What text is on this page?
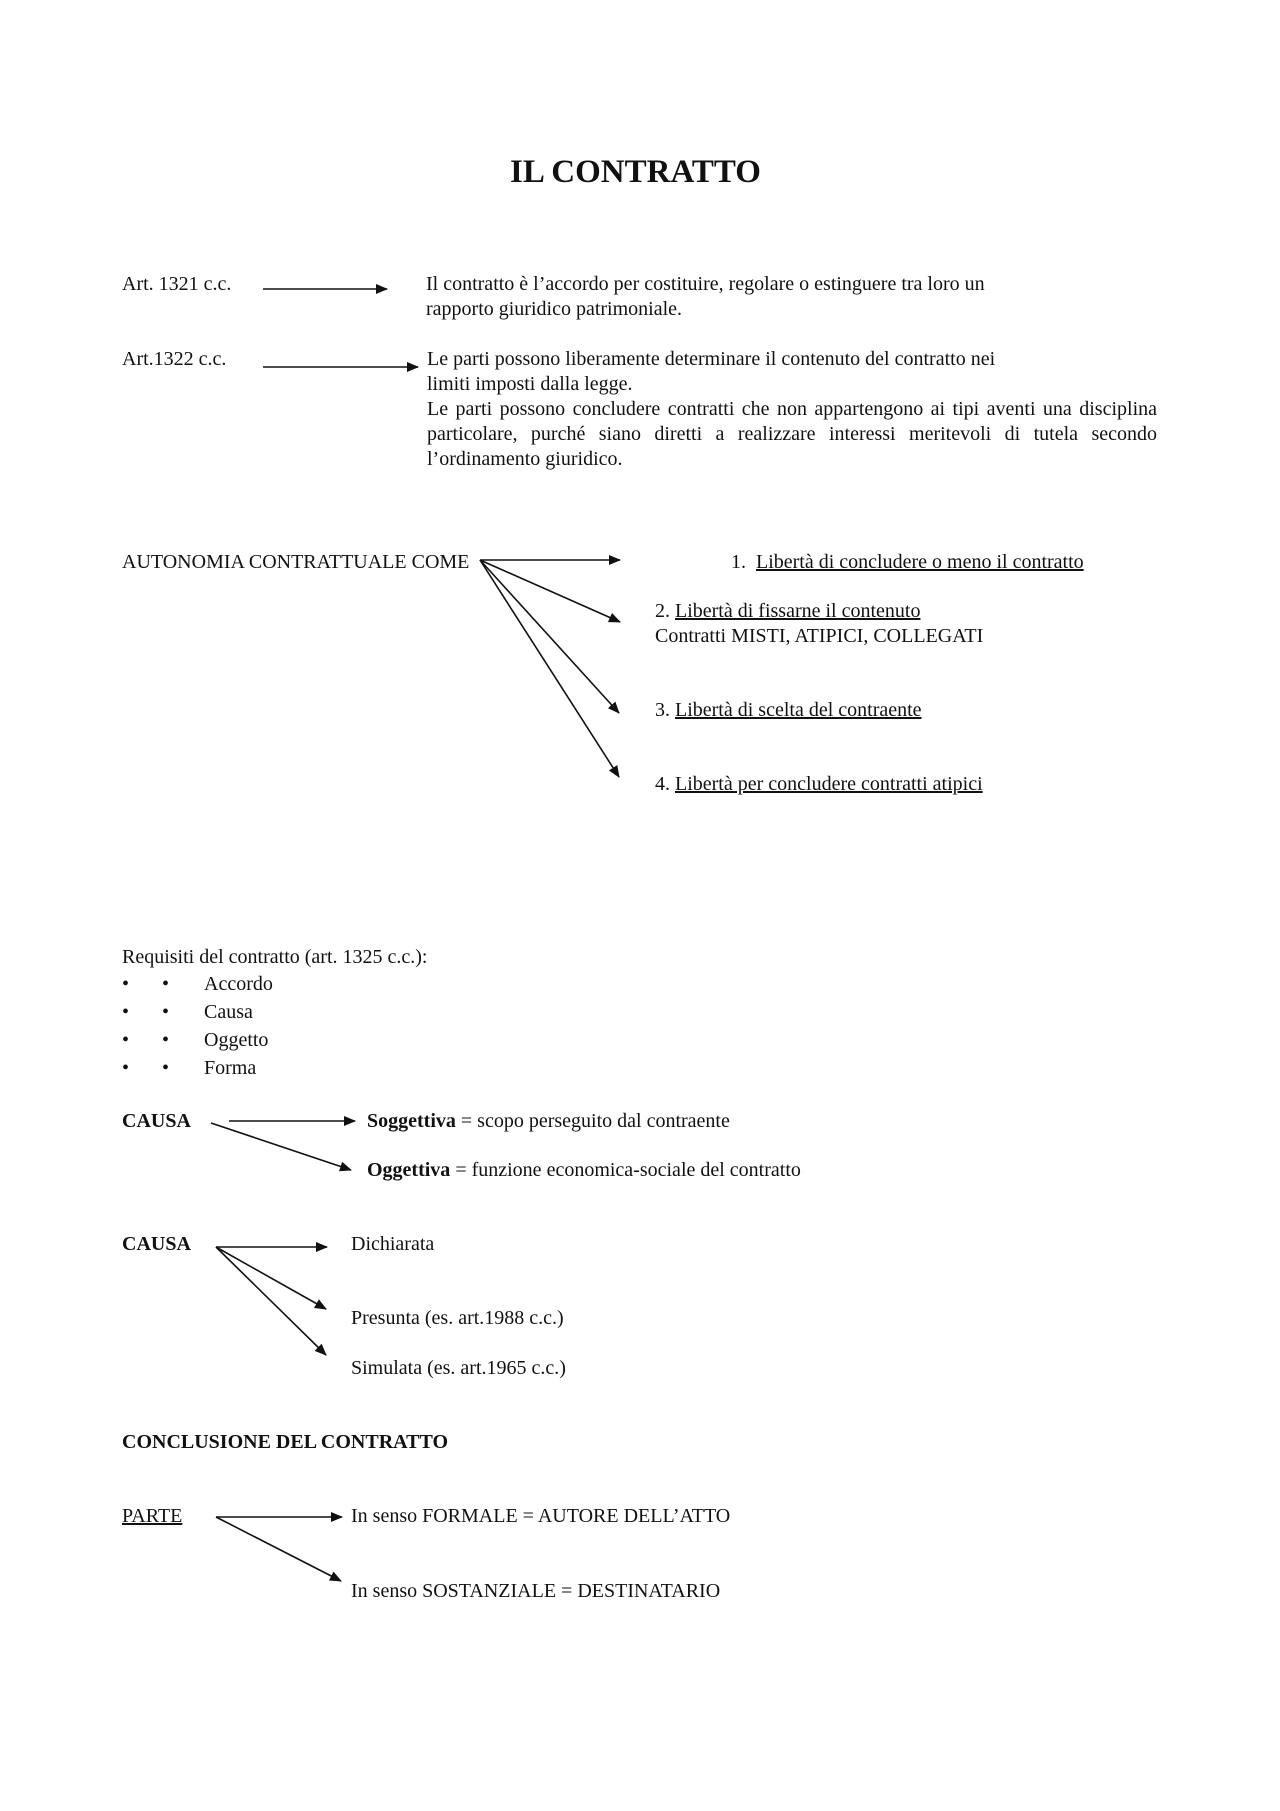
IL CONTRATTO
Art. 1321 c.c.	Il contratto è l’accordo per costituire, regolare o estinguere tra loro un
rapporto giuridico patrimoniale.
Art.1322 c.c.	Le parti possono liberamente determinare il contenuto del contratto nei
limiti imposti dalla legge.
Le parti possono concludere contratti che non appartengono ai tipi aventi una disciplina particolare, purché siano diretti a realizzare interessi meritevoli di tutela secondo l’ordinamento giuridico.
AUTONOMIA CONTRATTUALE COME	1. Libertà di concludere o meno il contratto
2. Libertà di fissarne il contenuto
Contratti MISTI, ATIPICI, COLLEGATI
3. Libertà di scelta del contraente
4. Libertà per concludere contratti atipici
Requisiti del contratto (art. 1325 c.c.):
• • Accordo
• • Causa
• • Oggetto
• • Forma
CAUSA	Soggettiva = scopo perseguito dal contraente
Oggettiva = funzione economica-sociale del contratto
CAUSA	Dichiarata
Presunta (es. art.1988 c.c.)
Simulata (es. art.1965 c.c.)
CONCLUSIONE DEL CONTRATTO
PARTE	In senso FORMALE = AUTORE DELL’ATTO
In senso SOSTANZIALE = DESTINATARIO
